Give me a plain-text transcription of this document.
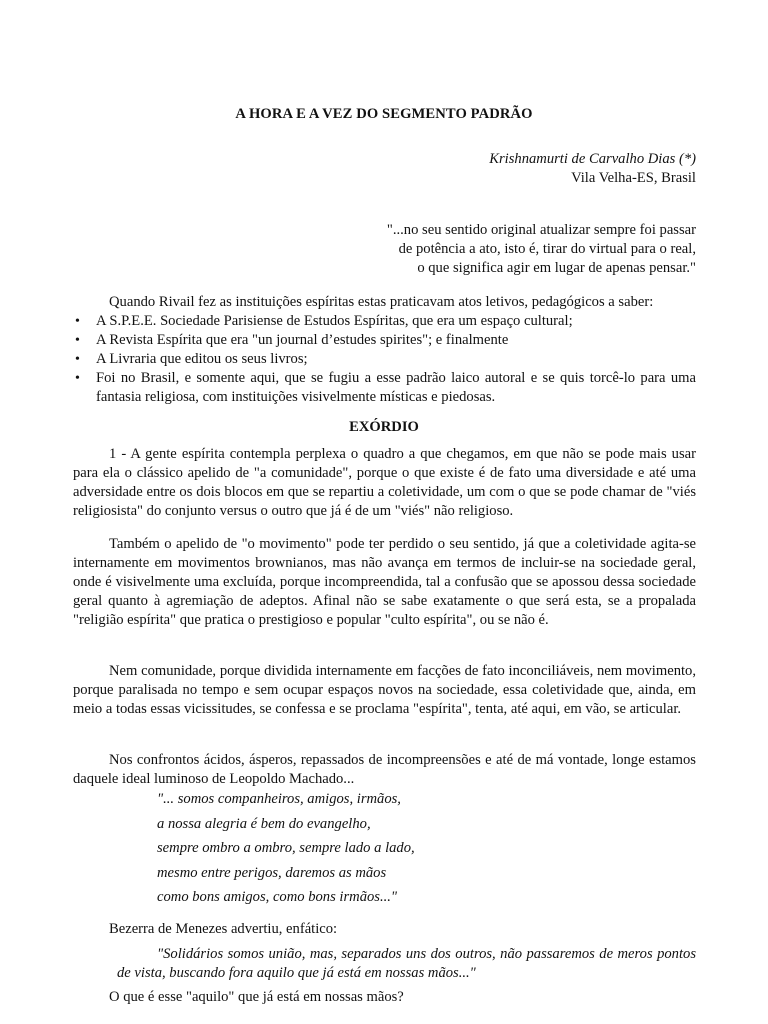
A HORA E A VEZ DO SEGMENTO PADRÃO
Krishnamurti de Carvalho Dias (*)
Vila Velha-ES, Brasil
"...no seu sentido original atualizar sempre foi passar
de potência a ato, isto é, tirar do virtual para o real,
o que significa agir em lugar de apenas pensar."
Quando Rivail fez as instituições espíritas estas praticavam atos letivos, pedagógicos a saber:
• A S.P.E.E. Sociedade Parisiense de Estudos Espíritas, que era um espaço cultural;
• A Revista Espírita que era "un journal d’estudes spirites"; e finalmente
• A Livraria que editou os seus livros;
• Foi no Brasil, e somente aqui, que se fugiu a esse padrão laico autoral e se quis torcê-lo para uma fantasia religiosa, com instituições visivelmente místicas e piedosas.
EXÓRDIO
1 - A gente espírita contempla perplexa o quadro a que chegamos, em que não se pode mais usar para ela o clássico apelido de "a comunidade", porque o que existe é de fato uma diversidade e até uma adversidade entre os dois blocos em que se repartiu a coletividade, um com o que se pode chamar de "viés religiosista" do conjunto versus o outro que já é de um "viés" não religioso.
Também o apelido de "o movimento" pode ter perdido o seu sentido, já que a coletividade agita-se internamente em movimentos brownianos, mas não avança em termos de incluir-se na sociedade geral, onde é visivelmente uma excluída, porque incompreendida, tal a confusão que se apossou dessa sociedade geral quanto à agremiação de adeptos. Afinal não se sabe exatamente o que será esta, se a propalada "religião espírita" que pratica o prestigioso e popular "culto espírita", ou se não é.
Nem comunidade, porque dividida internamente em facções de fato inconciliáveis, nem movimento, porque paralisada no tempo e sem ocupar espaços novos na sociedade, essa coletividade que, ainda, em meio a todas essas vicissitudes, se confessa e se proclama "espírita", tenta, até aqui, em vão, se articular.
Nos confrontos ácidos, ásperos, repassados de incompreensões e até de má vontade, longe estamos daquele ideal luminoso de Leopoldo Machado...
"... somos companheiros, amigos, irmãos,
a nossa alegria é bem do evangelho,
sempre ombro a ombro, sempre lado a lado,
mesmo entre perigos, daremos as mãos
como bons amigos, como bons irmãos..."
Bezerra de Menezes advertiu, enfático:
"Solidários somos união, mas, separados uns dos outros, não passaremos de meros pontos de vista, buscando fora aquilo que já está em nossas mãos..."
O que é esse "aquilo" que já está em nossas mãos?
